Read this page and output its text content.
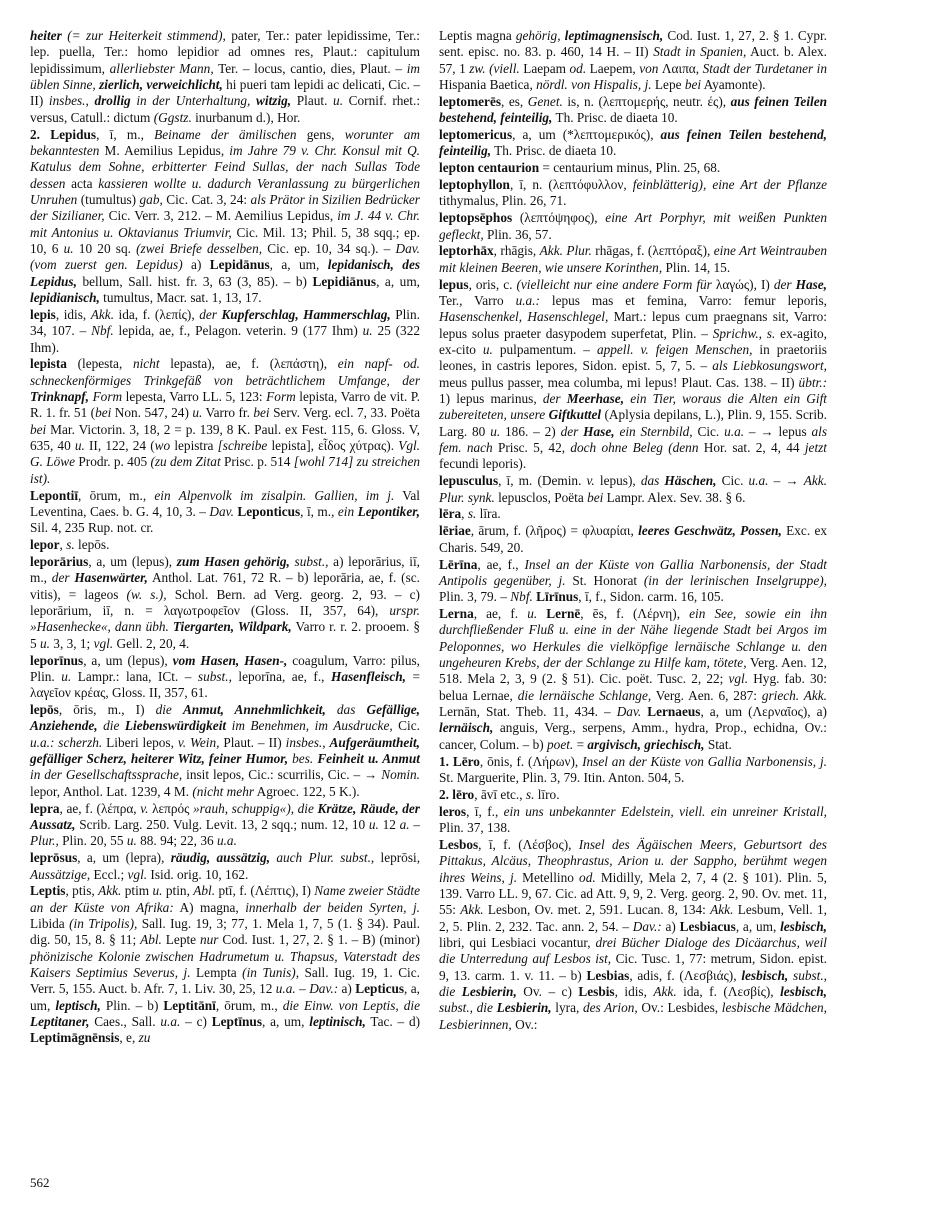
heiter (= zur Heiterkeit stimmend), pater, Ter.: pater lepidissime, Ter.: lep. puella, Ter.: homo lepidior ad omnes res, Plaut.: capitulum lepidissimum, allerliebster Mann, Ter. – locus, cantio, dies, Plaut. – im üblen Sinne, zierlich, verweichlicht, hi pueri tam lepidi ac delicati, Cic. – II) insbes., drollig in der Unterhaltung, witzig, Plaut. u. Cornif. rhet.: versus, Catull.: dictum (Ggstz. inurbanum d.), Hor.

2. Lepidus, ī, m., Beiname der ämilischen gens, worunter am bekanntesten M. Aemilius Lepidus, im Jahre 79 v. Chr. Konsul mit Q. Katulus dem Sohne, erbitterter Feind Sullas, der nach Sullas Tode dessen acta kassieren wollte u. dadurch Veranlassung zu bürgerlichen Unruhen (tumultus) gab, Cic. Cat. 3, 24: als Prätor in Sizilien Bedrücker der Sizilianer, Cic. Verr. 3, 212. – M. Aemilius Lepidus, im J. 44 v. Chr. mit Antonius u. Oktavianus Triumvir, Cic. Mil. 13; Phil. 5, 38 sqq.; ep. 10, 6 u. 10 20 sq. (zwei Briefe desselben, Cic. ep. 10, 34 sq.). – Dav. (vom zuerst gen. Lepidus) a) Lepidānus, a, um, lepidanisch, des Lepidus, bellum, Sall. hist. fr. 3, 63 (3, 85). – b) Lepidiānus, a, um, lepidianisch, tumultus, Macr. sat. 1, 13, 17.

lepis, idis, Akk. ida, f. (λεπίς), der Kupferschlag, Hammerschlag, Plin. 34, 107. – Nbf. lepida, ae, f., Pelagon. veterin. 9 (177 Ihm) u. 25 (322 Ihm).

lepista (lepesta, nicht lepasta), ae, f. (λεπάστη), ein napf- od. schneckenförmiges Trinkgefäß von beträchtlichem Umfange, der Trinknapf, Form lepesta, Varro LL. 5, 123: Form lepista, Varro de vit. P. R. 1. fr. 51 (bei Non. 547, 24) u. Varro fr. bei Serv. Verg. ecl. 7, 33. Poëta bei Mar. Victorin. 3, 18, 2 = p. 139, 8 K. Paul. ex Fest. 115, 6. Gloss. V, 635, 40 u. II, 122, 24 (wo lepistra [schreibe lepista], εἶδος χύτρας). Vgl. G. Löwe Prodr. p. 405 (zu dem Zitat Prisc. p. 514 [wohl 714] zu streichen ist).

Lepontiī, ōrum, m., ein Alpenvolk im zisalpin. Gallien, im j. Val Leventina, Caes. b. G. 4, 10, 3. – Dav. Leponticus, ī, m., ein Lepontiker, Sil. 4, 235 Rup. not. cr.

lepor, s. lepōs.

leporārius, a, um (lepus), zum Hasen gehörig, subst., a) leporārius, iī, m., der Hasenwärter, Anthol. Lat. 761, 72 R. – b) leporāria, ae, f. (sc. vitis), = lageos (w. s.), Schol. Bern. ad Verg. georg. 2, 93. – c) leporārium, iī, n. = λαγωτροφεῖον (Gloss. II, 357, 64), urspr. »Hasenhecke«, dann übh. Tiergarten, Wildpark, Varro r. r. 2. prooem. § 5 u. 3, 3, 1; vgl. Gell. 2, 20, 4.

leporīnus, a, um (lepus), vom Hasen, Hasen-, coagulum, Varro: pilus, Plin. u. Lampr.: lana, ICt. – subst., leporīna, ae, f., Hasenfleisch, = λαγεῖον κρέας, Gloss. II, 357, 61.

lepōs, ōris, m., I) die Anmut, Annehmlichkeit, das Gefällige, Anziehende, die Liebenswürdigkeit im Benehmen, im Ausdrucke, Cic. u.a.: scherzh. Liberi lepos, v. Wein, Plaut. – II) insbes., Aufgeräumtheit, gefälliger Scherz, heiterer Witz, feiner Humor, bes. Feinheit u. Anmut in der Gesellschaftssprache, insit lepos, Cic.: scurrilis, Cic. – → Nomin. lepor, Anthol. Lat. 1239, 4 M. (nicht mehr Agroec. 122, 5 K.).

lepra, ae, f. (λέπρα, v. λεπρός »rauh, schuppig«), die Krätze, Räude, der Aussatz, Scrib. Larg. 250. Vulg. Levit. 13, 2 sqq.; num. 12, 10 u. 12 a. – Plur., Plin. 20, 55 u. 88. 94; 22, 36 u.a.

leprōsus, a, um (lepra), räudig, aussätzig, auch Plur. subst., leprōsi, Aussätzige, Eccl.; vgl. Isid. orig. 10, 162.

Leptis, ptis, Akk. ptim u. ptin, Abl. ptī, f. (Λέπτις), I) Name zweier Städte an der Küste von Afrika: A) magna, innerhalb der beiden Syrten, j. Libida (in Tripolis), Sall. Iug. 19, 3; 77, 1. Mela 1, 7, 5 (1. § 34). Paul. dig. 50, 15, 8. § 11; Abl. Lepte nur Cod. Iust. 1, 27, 2. § 1. – B) (minor) phönizische Kolonie zwischen Hadrumetum u. Thapsus, Vaterstadt des Kaisers Septimius Severus, j. Lempta (in Tunis), Sall. Iug. 19, 1. Cic. Verr. 5, 155. Auct. b. Afr. 7, 1. Liv. 30, 25, 12 u.a. – Dav.: a) Lepticus, a, um, leptisch, Plin. – b) Leptitānī, ōrum, m., die Einw. von Leptis, die Leptitaner, Caes., Sall. u.a. – c) Leptīnus, a, um, leptinisch, Tac. – d) Leptimāgnēnsis, e, zu

Leptis magna gehörig, leptimagnensisch, Cod. Iust. 1, 27, 2. § 1. Cypr. sent. episc. no. 83. p. 460, 14 H. – II) Stadt in Spanien, Auct. b. Alex. 57, 1 zw. (viell. Laepam od. Laepem, von Λαιπα, Stadt der Turdetaner in Hispania Baetica, nördl. von Hispalis, j. Lepe bei Ayamonte).

leptomerēs, es, Genet. is, n. (λεπτομερής, neutr. ές), aus feinen Teilen bestehend, feinteilig, Th. Prisc. de diaeta 10.

leptomericus, a, um (*λεπτομερικός), aus feinen Teilen bestehend, feinteilig, Th. Prisc. de diaeta 10.

lepton centaurion = centaurium minus, Plin. 25, 68.

leptophyllon, ī, n. (λεπτόφυλλον, feinblätterig), eine Art der Pflanze tithymalus, Plin. 26, 71.

leptopsēphos (λεπτόψηφος), eine Art Porphyr, mit weißen Punkten gefleckt, Plin. 36, 57.

leptorhāx, rhāgis, Akk. Plur. rhāgas, f. (λεπτόραξ), eine Art Weintrauben mit kleinen Beeren, wie unsere Korinthen, Plin. 14, 15.

lepus, oris, c. (vielleicht nur eine andere Form für λαγώς), I) der Hase, Ter., Varro u.a.: lepus mas et femina, Varro: femur leporis, Hasenschenkel, Hasenschlegel, Mart.: lepus cum praegnans sit, Varro: lepus solus praeter dasypodem superfetat, Plin. – Sprichw., s. ex-agito, ex-cito u. pulpamentum. – appell. v. feigen Menschen, in praetoriis leones, in castris lepores, Sidon. epist. 5, 7, 5. – als Liebkosungswort, meus pullus passer, mea columba, mi lepus! Plaut. Cas. 138. – II) übtr.: 1) lepus marinus, der Meerhase, ein Tier, woraus die Alten ein Gift zubereiteten, unsere Giftkuttel (Aplysia depilans, L.), Plin. 9, 155. Scrib. Larg. 80 u. 186. – 2) der Hase, ein Sternbild, Cic. u.a. – → lepus als fem. nach Prisc. 5, 42, doch ohne Beleg (denn Hor. sat. 2, 4, 44 jetzt fecundi leporis).

lepusculus, ī, m. (Demin. v. lepus), das Häschen, Cic. u.a. – → Akk. Plur. synk. lepusclos, Poëta bei Lampr. Alex. Sev. 38. § 6.

lēra, s. līra.

lēriae, ārum, f. (λῆρος) = φλυαρίαι, leeres Geschwätz, Possen, Exc. ex Charis. 549, 20.

Lērīna, ae, f., Insel an der Küste von Gallia Narbonensis, der Stadt Antipolis gegenüber, j. St. Honorat (in der lerinischen Inselgruppe), Plin. 3, 79. – Nbf. Līrīnus, ī, f., Sidon. carm. 16, 105.

Lerna, ae, f. u. Lernē, ēs, f. (Λέρνη), ein See, sowie ein ihn durchfließender Fluß u. eine in der Nähe liegende Stadt bei Argos im Peloponnes, wo Herkules die vielköpfige lernäische Schlange u. den ungeheuren Krebs, der der Schlange zu Hilfe kam, tötete, Verg. Aen. 12, 518. Mela 2, 3, 9 (2. § 51). Cic. poët. Tusc. 2, 22; vgl. Hyg. fab. 30: belua Lernae, die lernäische Schlange, Verg. Aen. 6, 287: griech. Akk. Lernān, Stat. Theb. 11, 434. – Dav. Lernaeus, a, um (Λερναῖος), a) lernäisch, anguis, Verg., serpens, Amm., hydra, Prop., echidna, Ov.: cancer, Colum. – b) poet. = argivisch, griechisch, Stat.

1. Lēro, ōnis, f. (Λήρων), Insel an der Küste von Gallia Narbonensis, j. St. Marguerite, Plin. 3, 79. Itin. Anton. 504, 5.

2. lēro, āvī etc., s. līro.

leros, ī, f., ein uns unbekannter Edelstein, viell. ein unreiner Kristall, Plin. 37, 138.

Lesbos, ī, f. (Λέσβος), Insel des Ägäischen Meers, Geburtsort des Pittakus, Alcäus, Theophrastus, Arion u. der Sappho, berühmt wegen ihres Weins, j. Metellino od. Midilly, Mela 2, 7, 4 (2. § 101). Plin. 5, 139. Varro LL. 9, 67. Cic. ad Att. 9, 9, 2. Verg. georg. 2, 90. Ov. met. 11, 55: Akk. Lesbon, Ov. met. 2, 591. Lucan. 8, 134: Akk. Lesbum, Vell. 1, 2, 5. Plin. 2, 232. Tac. ann. 2, 54. – Dav.: a) Lesbiacus, a, um, lesbisch, libri, qui Lesbiaci vocantur, drei Bücher Dialoge des Dicäarchus, weil die Unterredung auf Lesbos ist, Cic. Tusc. 1, 77: metrum, Sidon. epist. 9, 13. carm. 1. v. 11. – b) Lesbias, adis, f. (Λεσβιάς), lesbisch, subst., die Lesbierin, Ov. – c) Lesbis, idis, Akk. ida, f. (Λεσβίς), lesbisch, subst., die Lesbierin, lyra, des Arion, Ov.: Lesbides, lesbische Mädchen, Lesbierinnen, Ov.:

562
